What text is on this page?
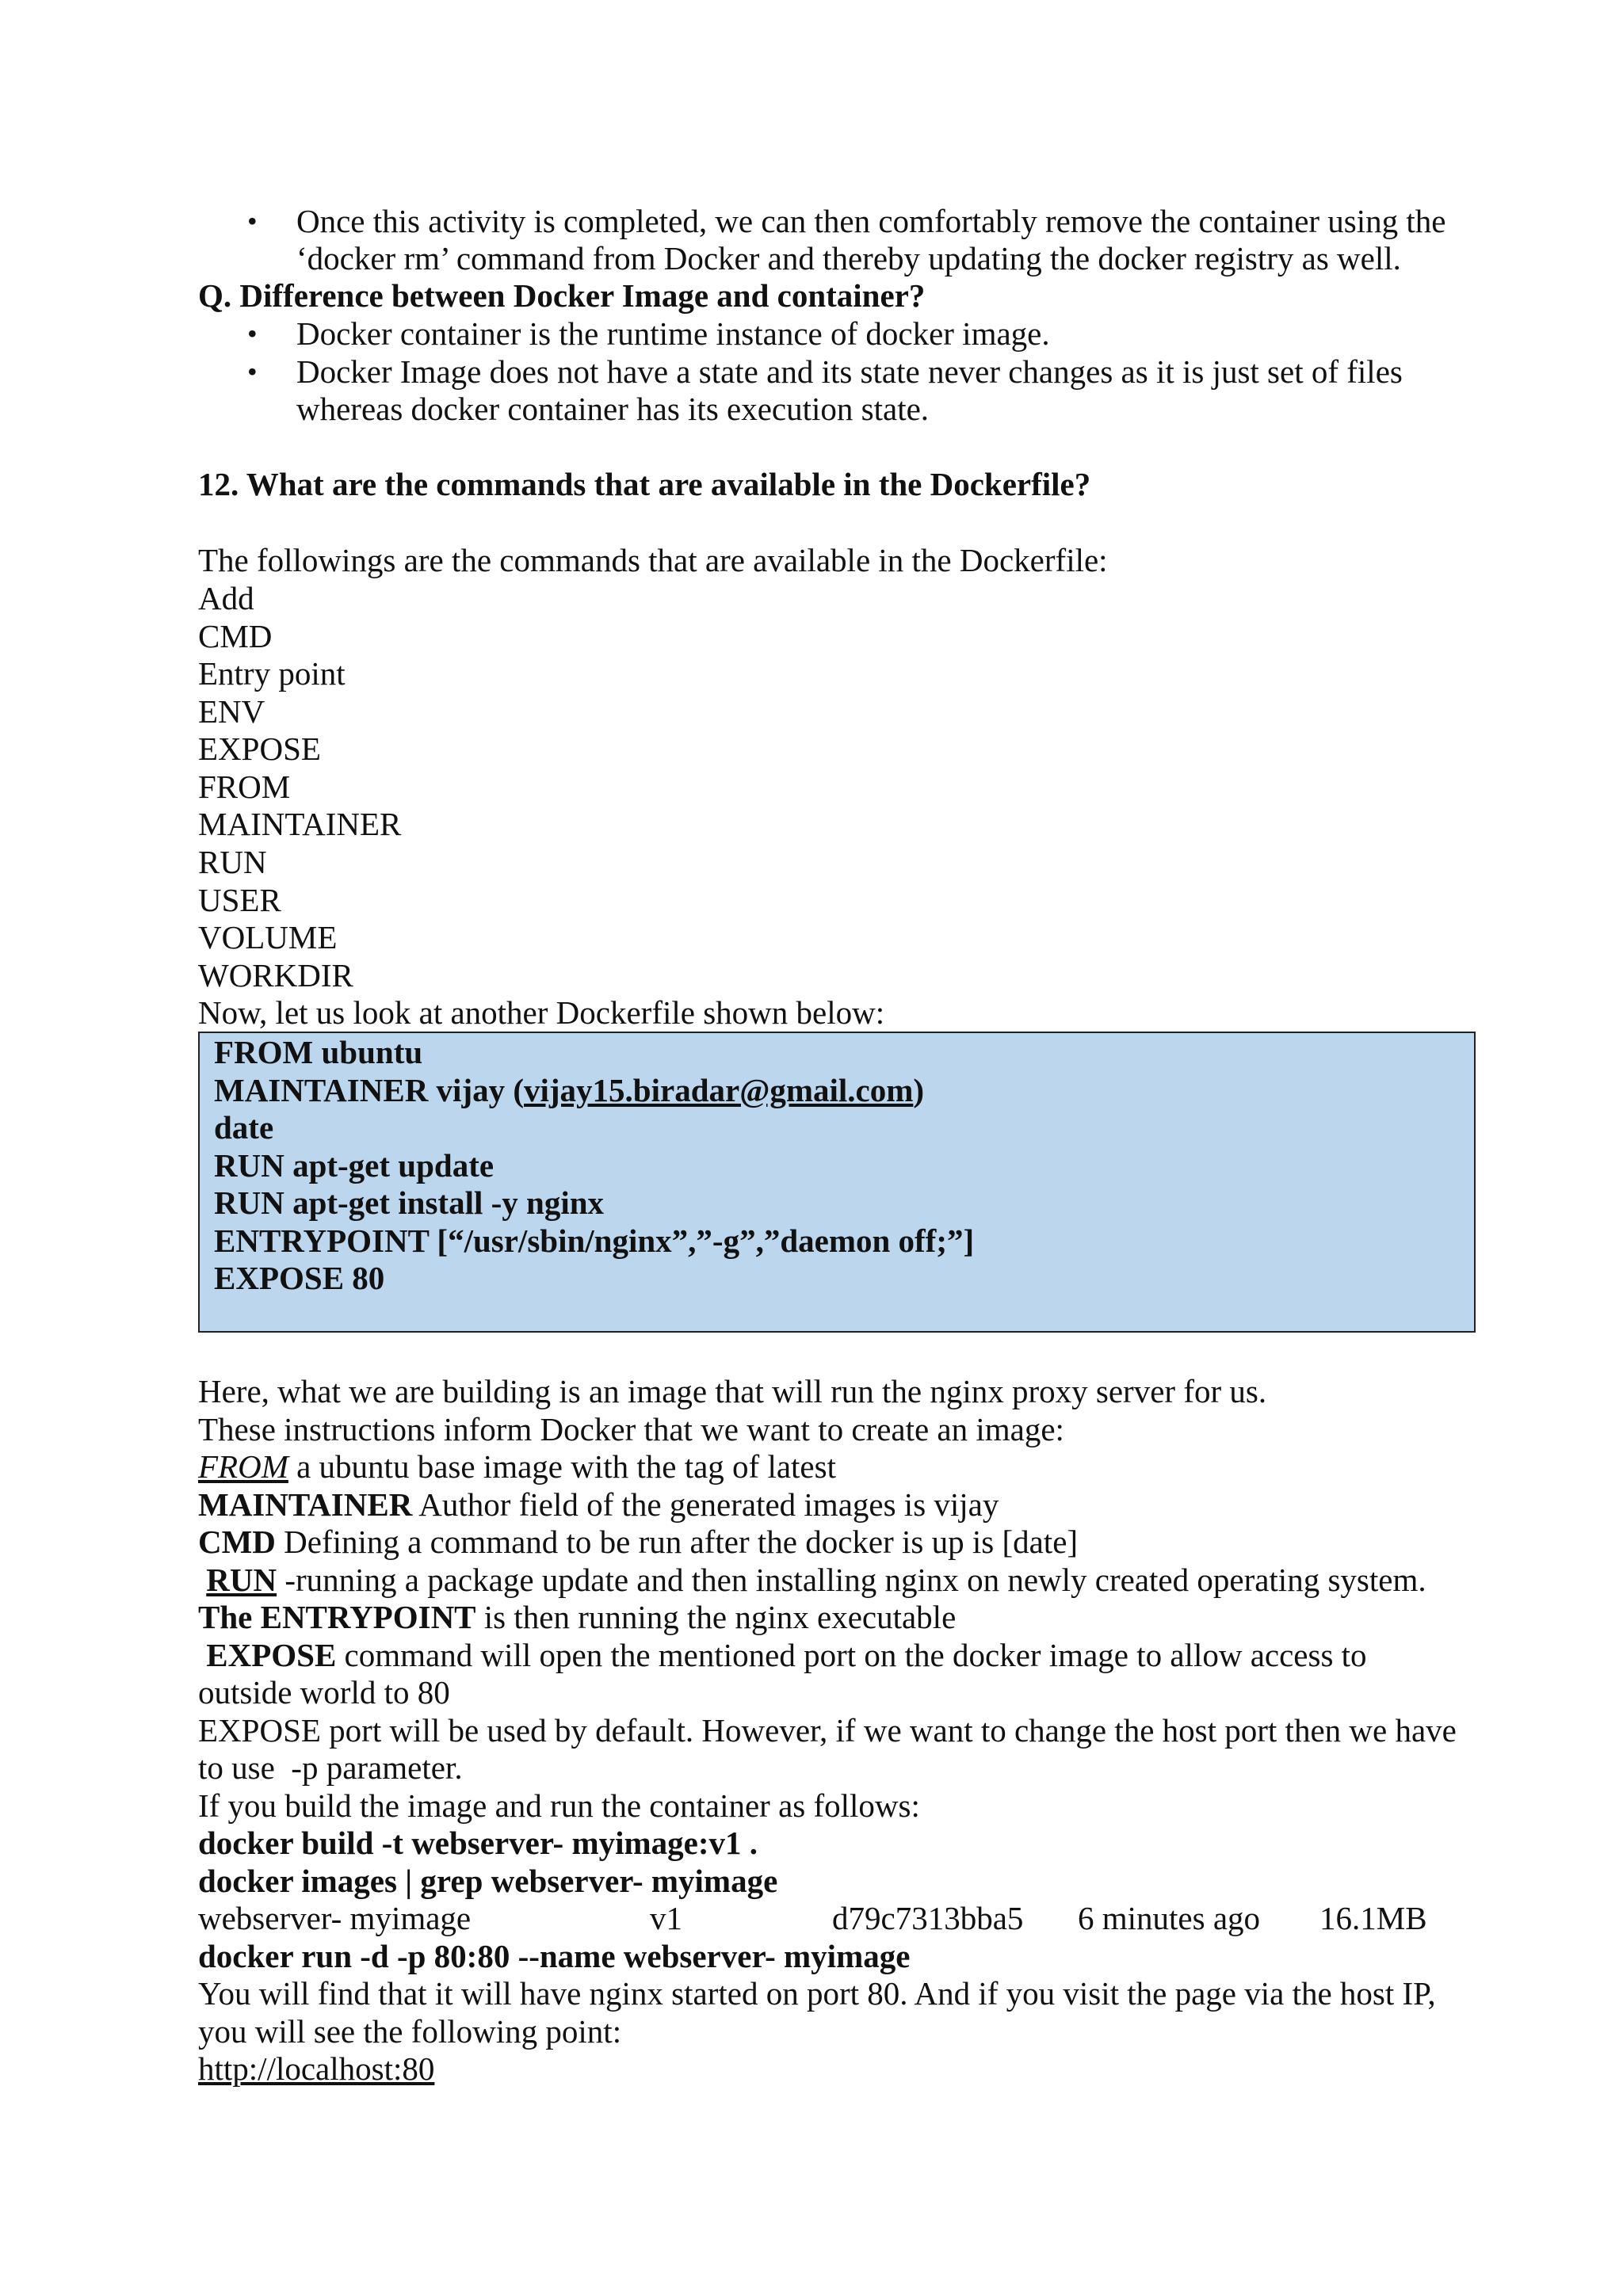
• Once this activity is completed, we can then comfortably remove the container using the
‘docker rm’ command from Docker and thereby updating the docker registry as well.
Q. Difference between Docker Image and container?
• Docker container is the runtime instance of docker image.
• Docker Image does not have a state and its state never changes as it is just set of files
whereas docker container has its execution state.
12. What are the commands that are available in the Dockerfile?
The followings are the commands that are available in the Dockerfile:
Add
CMD
Entry point
ENV
EXPOSE
FROM
MAINTAINER
RUN
USER
VOLUME
WORKDIR
Now, let us look at another Dockerfile shown below:
FROM ubuntu
MAINTAINER vijay (vijay15.biradar@gmail.com)
date
RUN apt-get update
RUN apt-get install -y nginx
ENTRYPOINT [“/usr/sbin/nginx”,”-g”,”daemon off;”]
EXPOSE 80
Here, what we are building is an image that will run the nginx proxy server for us.
These instructions inform Docker that we want to create an image:
FROM a ubuntu base image with the tag of latest
MAINTAINER Author field of the generated images is vijay
CMD Defining a command to be run after the docker is up is [date]
RUN -running a package update and then installing nginx on newly created operating system.
The ENTRYPOINT is then running the nginx executable
EXPOSE command will open the mentioned port on the docker image to allow access to
outside world to 80
EXPOSE port will be used by default. However, if we want to change the host port then we have
to use  -p parameter.
If you build the image and run the container as follows:
docker build -t webserver- myimage:v1 .
docker images | grep webserver- myimage
webserver- myimage	v1	d79c7313bba5 6 minutes ago 16.1MB
docker run -d -p 80:80 --name webserver- myimage
You will find that it will have nginx started on port 80. And if you visit the page via the host IP,
you will see the following point:
http://localhost:80
